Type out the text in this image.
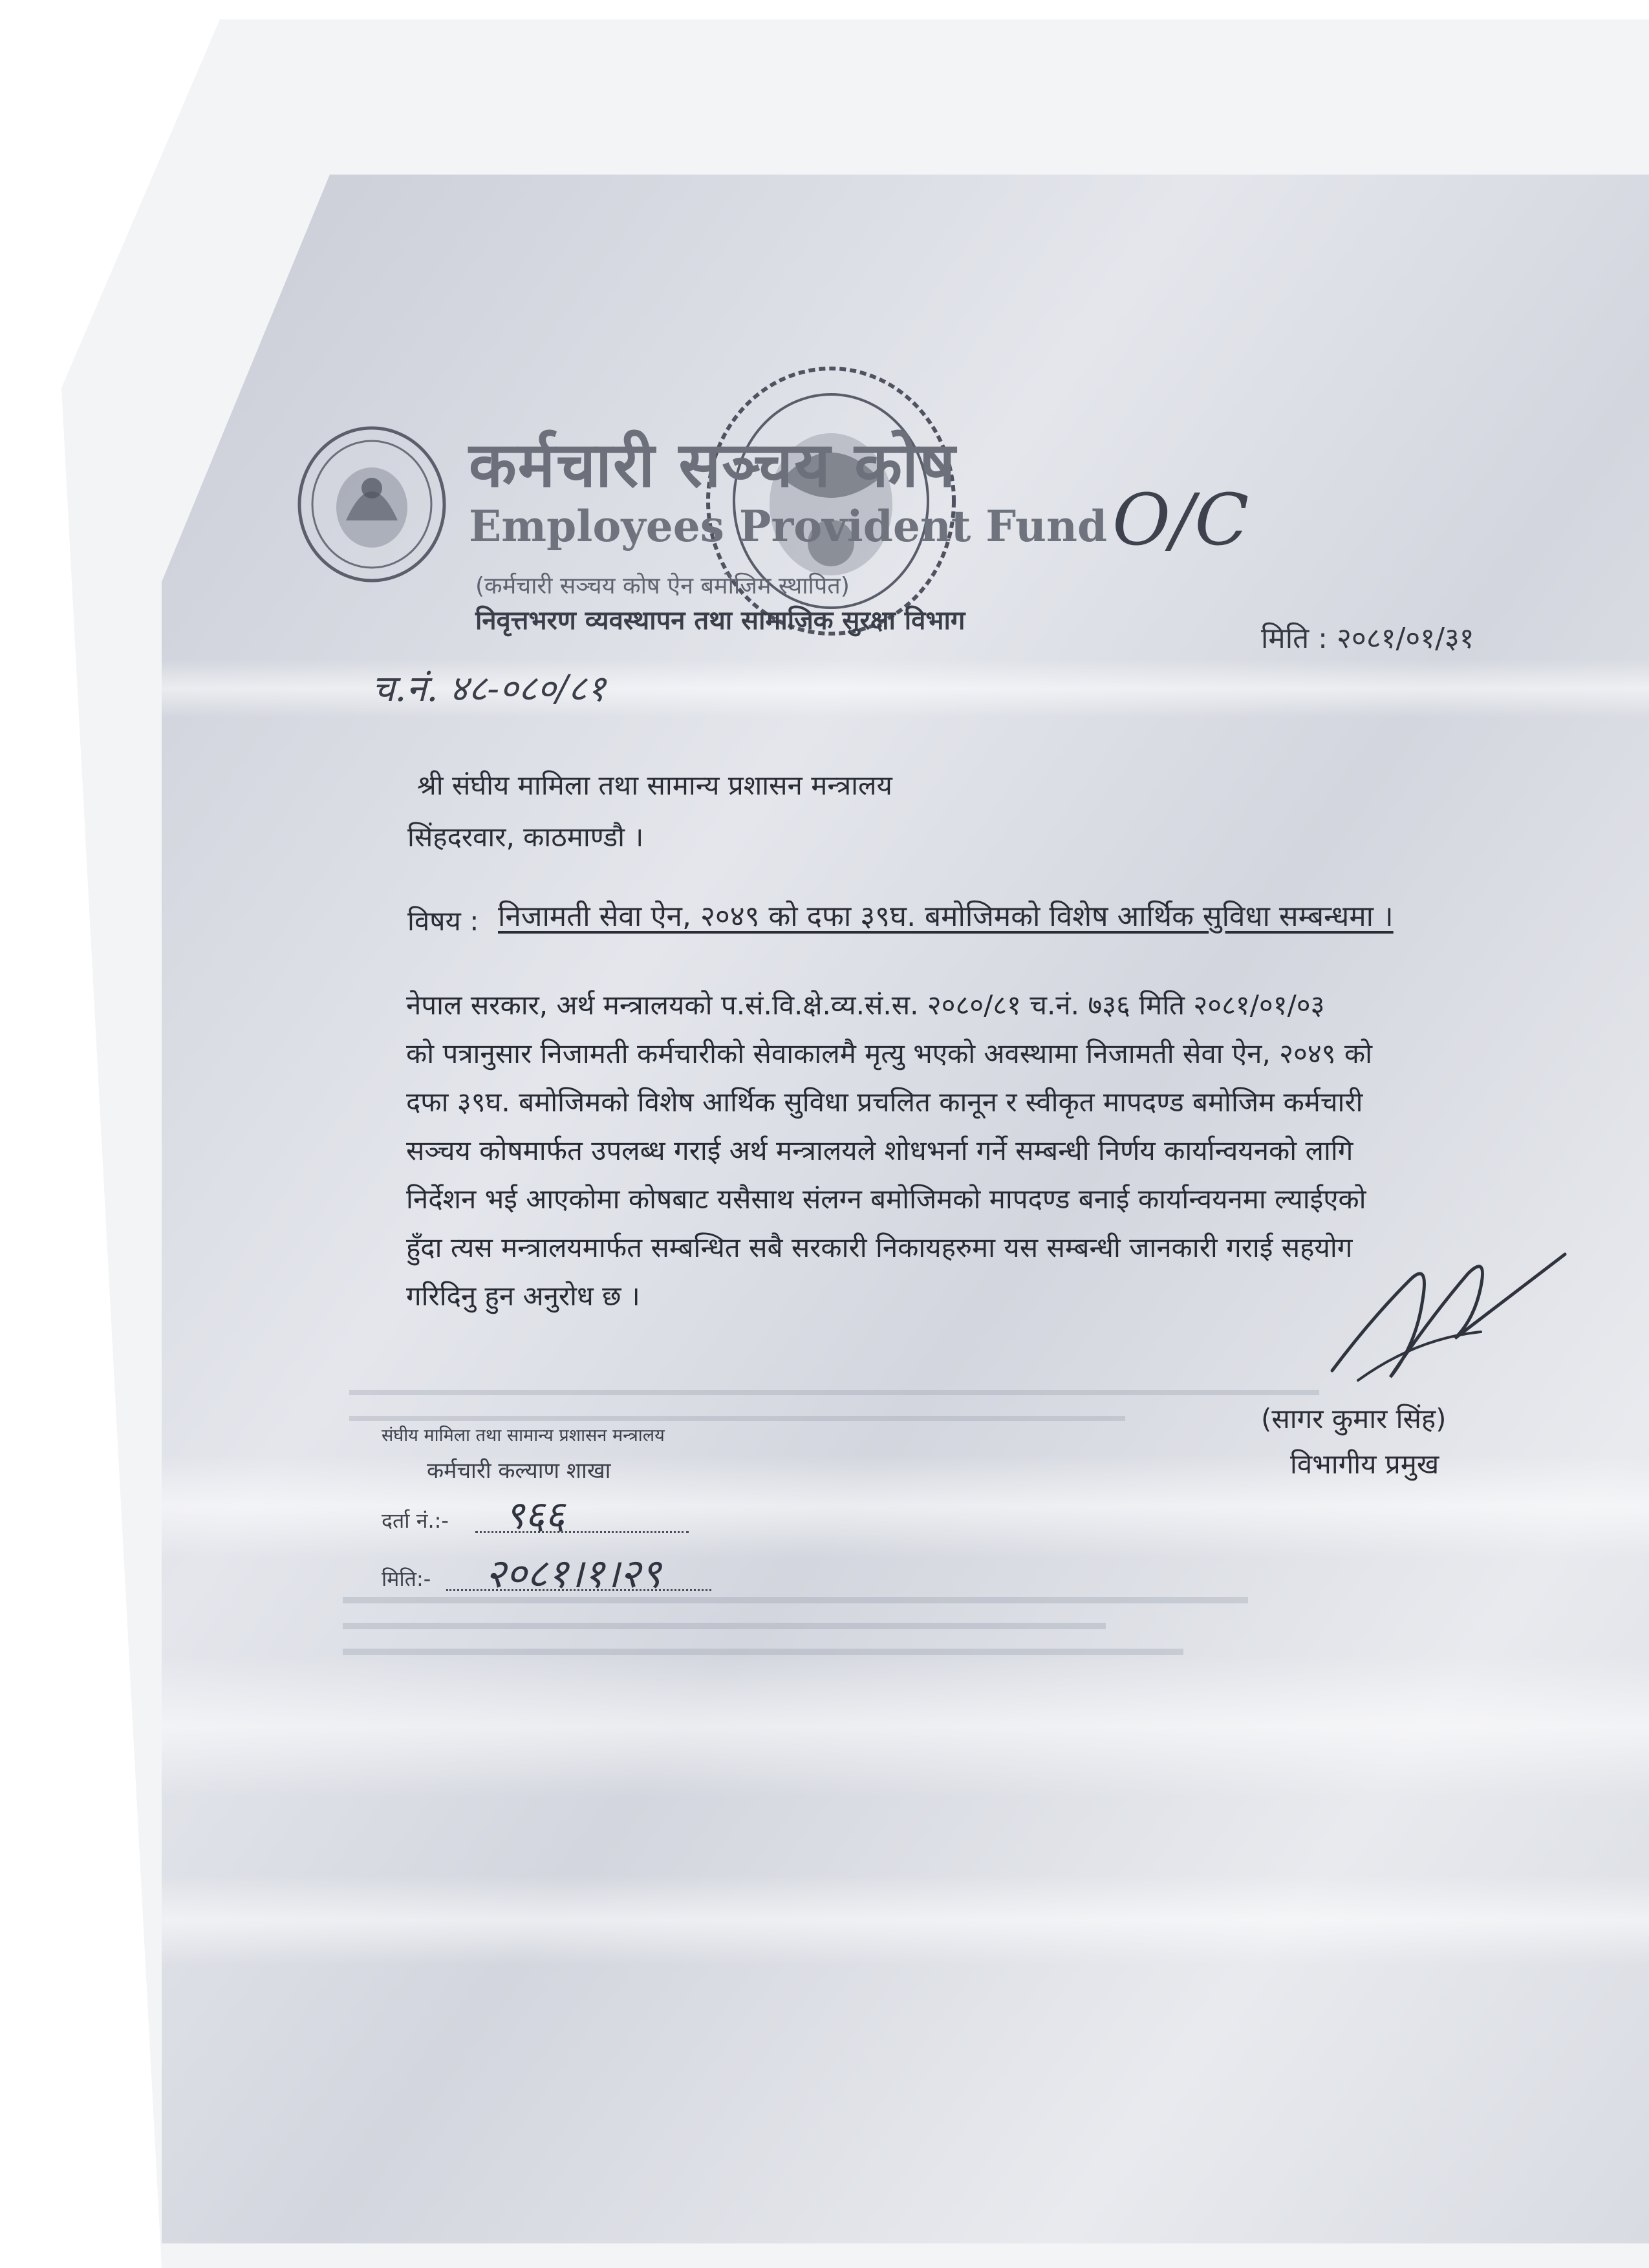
कर्मचारी सञ्चय कोष
Employees Provident Fund O/C
(कर्मचारी सञ्चय कोष ऐन बमोजिम स्थापित)
निवृत्तभरण व्यवस्थापन तथा सामाजिक सुरक्षा विभाग
मिति : २०८१/०१/३१
च.नं. ४८-०८०/८१
श्री संघीय मामिला तथा सामान्य प्रशासन मन्त्रालय
सिंहदरवार, काठमाण्डौ ।
विषय : निजामती सेवा ऐन, २०४९ को दफा ३९घ. बमोजिमको विशेष आर्थिक सुविधा सम्बन्धमा ।
नेपाल सरकार, अर्थ मन्त्रालयको प.सं.वि.क्षे.व्य.सं.स. २०८०/८१ च.नं. ७३६ मिति २०८१/०१/०३
को पत्रानुसार निजामती कर्मचारीको सेवाकालमै मृत्यु भएको अवस्थामा निजामती सेवा ऐन, २०४९ को
दफा ३९घ. बमोजिमको विशेष आर्थिक सुविधा प्रचलित कानून र स्वीकृत मापदण्ड बमोजिम कर्मचारी
सञ्चय कोषमार्फत उपलब्ध गराई अर्थ मन्त्रालयले शोधभर्ना गर्ने सम्बन्धी निर्णय कार्यान्वयनको लागि
निर्देशन भई आएकोमा कोषबाट यसैसाथ संलग्न बमोजिमको मापदण्ड बनाई कार्यान्वयनमा ल्याईएको
हुँदा त्यस मन्त्रालयमार्फत सम्बन्धित सबै सरकारी निकायहरुमा यस सम्बन्धी जानकारी गराई सहयोग
गरिदिनु हुन अनुरोध छ ।
(सागर कुमार सिंह)
विभागीय प्रमुख
संघीय मामिला तथा सामान्य प्रशासन मन्त्रालय
कर्मचारी कल्याण शाखा
दर्ता नं.:- ९६६
मिति:- २०८१।१।२९
